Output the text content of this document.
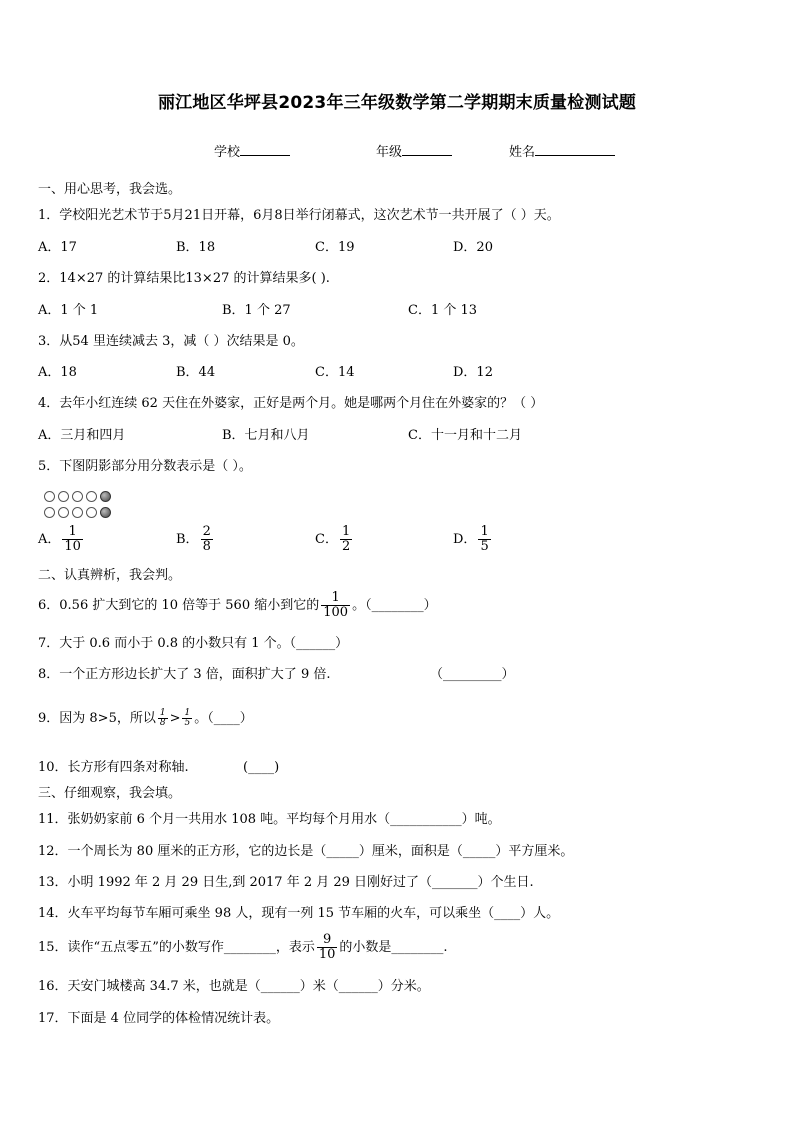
丽江地区华坪县2023年三年级数学第二学期期末质量检测试题
学校	年级	姓名
一、用心思考，我会选。
1．学校阳光艺术节于5月21日开幕，6月8日举行闭幕式，这次艺术节一共开展了（ ）天。
A．17	B．18	C．19	D．20
2．14×27 的计算结果比13×27 的计算结果多( ).
A．1 个 1	B．1 个 27	C．1 个 13
3．从54 里连续减去 3，减（ ）次结果是 0。
A．18	B．44	C．14	D．12
4．去年小红连续 62 天住在外婆家，正好是两个月。她是哪两个月住在外婆家的？（ ）
A．三月和四月	B．七月和八月	C．十一月和十二月
5．下图阴影部分用分数表示是（ ）。
A． $\frac{1}{10}$	B． $\frac{2}{8}$	C． $\frac{1}{2}$	D． $\frac{1}{5}$
二、认真辨析，我会判。
6．0.56 扩大到它的 10 倍等于 560 缩小到它的 $\frac{1}{100}$ 。（________）
7．大于 0.6 而小于 0.8 的小数只有 1 个。（______）
8．一个正方形边长扩大了 3 倍，面积扩大了 9 倍.	（_________）
9．因为 8>5，所以 $\frac{1}{8} > \frac{1}{5}$ 。（____）
10．长方形有四条对称轴.	(____)
三、仔细观察，我会填。
11．张奶奶家前 6 个月一共用水 108 吨。平均每个月用水（___________）吨。
12．一个周长为 80 厘米的正方形，它的边长是（_____）厘米，面积是（_____）平方厘米。
13．小明 1992 年 2 月 29 日生,到 2017 年 2 月 29 日刚好过了（_______）个生日.
14．火车平均每节车厢可乘坐 98 人，现有一列 15 节车厢的火车，可以乘坐（____）人。
15．读作“五点零五”的小数写作________，表示 $\frac{9}{10}$ 的小数是________.
16．天安门城楼高 34.7 米，也就是（______）米（______）分米。
17．下面是 4 位同学的体检情况统计表。
